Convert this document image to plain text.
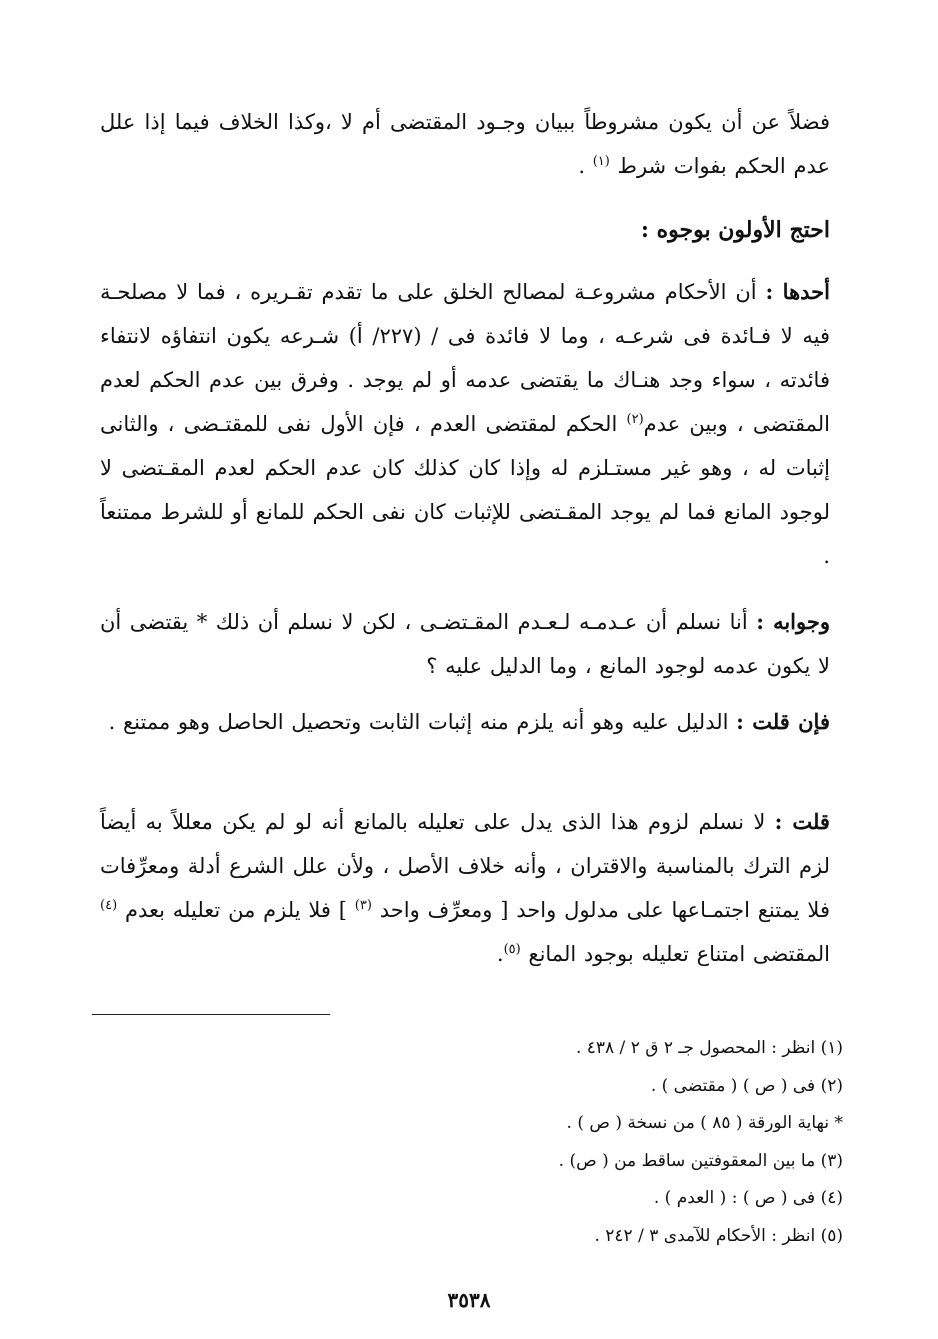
فضلاً عن أن يكون مشروطاً ببيان وجـود المقتضى أم لا ،وكذا الخلاف فيما إذا علل عدم الحكم بفوات شرط $^{(١)}$ .

احتج الأولون بوجوه :

أحدها : أن الأحكام مشروعـة لمصالح الخلق على ما تقدم تقـريره ، فما لا مصلحـة فيه لا فـائدة فى شرعـه ، وما لا فائدة فى / (٢٢٧/ أ) شـرعه يكون انتفاؤه لانتفاء فائدته ، سواء وجد هنـاك ما يقتضى عدمه أو لم يوجد . وفرق بين عدم الحكم لعدم المقتضى ، وبين عدم$^{(٢)}$ الحكم لمقتضى العدم ، فإن الأول نفى للمقتـضى ، والثانى إثبات له ، وهو غير مستـلزم له وإذا كان كذلك كان عدم الحكم لعدم المقـتضى لا لوجود المانع فما لم يوجد المقـتضى للإثبات كان نفى الحكم للمانع أو للشرط ممتنعاً .

وجوابه : أنا نسلم أن عـدمـه لـعـدم المقـتضـى ، لكن لا نسلم أن ذلك * يقتضى أن لا يكون عدمه لوجود المانع ، وما الدليل عليه ؟

فإن قلت : الدليل عليه وهو أنه يلزم منه إثبات الثابت وتحصيل الحاصل وهو ممتنع .

قلت : لا نسلم لزوم هذا الذى يدل على تعليله بالمانع أنه لو لم يكن معللاً به أيضاً لزم الترك بالمناسبة والاقتران ، وأنه خلاف الأصل ، ولأن علل الشرع أدلة ومعرِّفات فلا يمتنع اجتمـاعها على مدلول واحد [ ومعرِّف واحد $^{(٣)}$ ] فلا يلزم من تعليله بعدم $^{(٤)}$ المقتضى امتناع تعليله بوجود المانع $^{(٥)}$.

(١) انظر : المحصول جـ ٢ ق ٢ / ٤٣٨ .
(٢) فى ( ص ) ( مقتضى ) .
* نهاية الورقة ( ٨٥ ) من نسخة ( ص ) .
(٣) ما بين المعقوفتين ساقط من ( ص) .
(٤) فى ( ص ) : ( العدم ) .
(٥) انظر : الأحكام للآمدى ٣ / ٢٤٢ .
٣٥٣٨
